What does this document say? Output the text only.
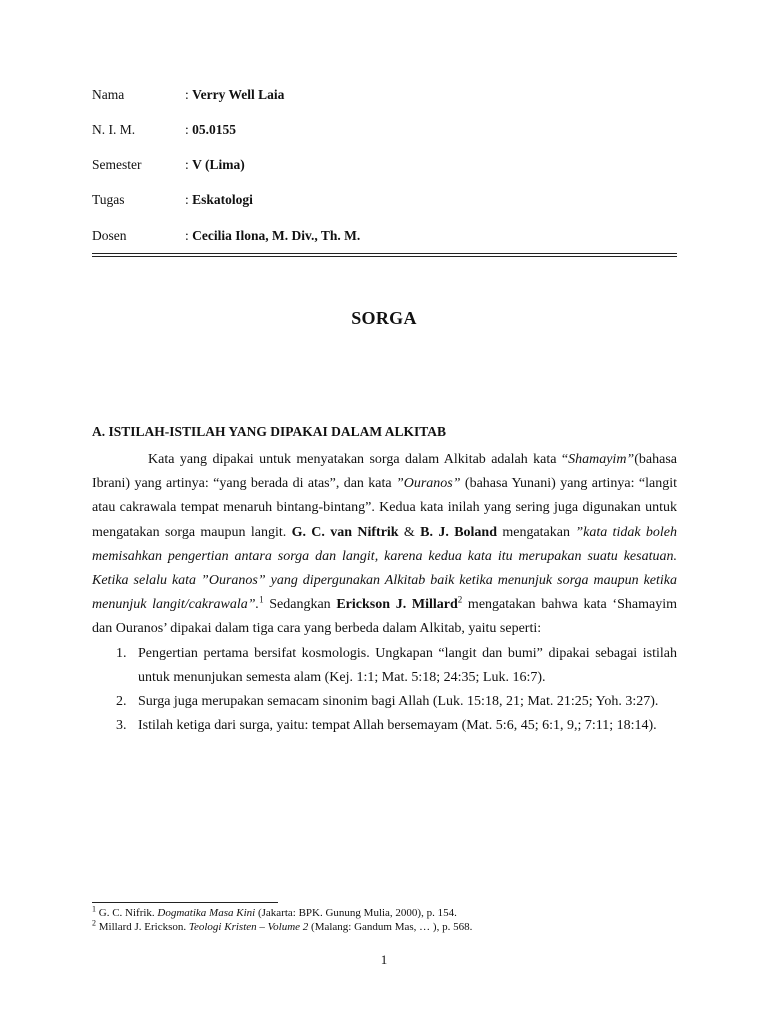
Nama	: Verry Well Laia
N. I. M.	: 05.0155
Semester	: V (Lima)
Tugas	: Eskatologi
Dosen	: Cecilia Ilona, M. Div., Th. M.
SORGA
A. ISTILAH-ISTILAH YANG DIPAKAI DALAM ALKITAB

Kata yang dipakai untuk menyatakan sorga dalam Alkitab adalah kata “Shamayim”(bahasa Ibrani) yang artinya: “yang berada di atas”, dan kata ”Ouranos” (bahasa Yunani) yang artinya: “langit atau cakrawala tempat menaruh bintang-bintang”. Kedua kata inilah yang sering juga digunakan untuk mengatakan sorga maupun langit. G. C. van Niftrik & B. J. Boland mengatakan ”kata tidak boleh memisahkan pengertian antara sorga dan langit, karena kedua kata itu merupakan suatu kesatuan. Ketika selalu kata ”Ouranos” yang dipergunakan Alkitab baik ketika menunjuk sorga maupun ketika menunjuk langit/cakrawala”.$^1$ Sedangkan Erickson J. Millard$^2$ mengatakan bahwa kata ‘Shamayim dan Ouranos’ dipakai dalam tiga cara yang berbeda dalam Alkitab, yaitu seperti:

1. Pengertian pertama bersifat kosmologis. Ungkapan “langit dan bumi” dipakai sebagai istilah untuk menunjukan semesta alam (Kej. 1:1; Mat. 5:18; 24:35; Luk. 16:7).
2. Surga juga merupakan semacam sinonim bagi Allah (Luk. 15:18, 21; Mat. 21:25; Yoh. 3:27).
3. Istilah ketiga dari surga, yaitu: tempat Allah bersemayam (Mat. 5:6, 45; 6:1, 9,; 7:11; 18:14).
$^1$ G. C. Nifrik. Dogmatika Masa Kini (Jakarta: BPK. Gunung Mulia, 2000), p. 154.
$^2$ Millard J. Erickson. Teologi Kristen – Volume 2 (Malang: Gandum Mas, … ), p. 568.
1
